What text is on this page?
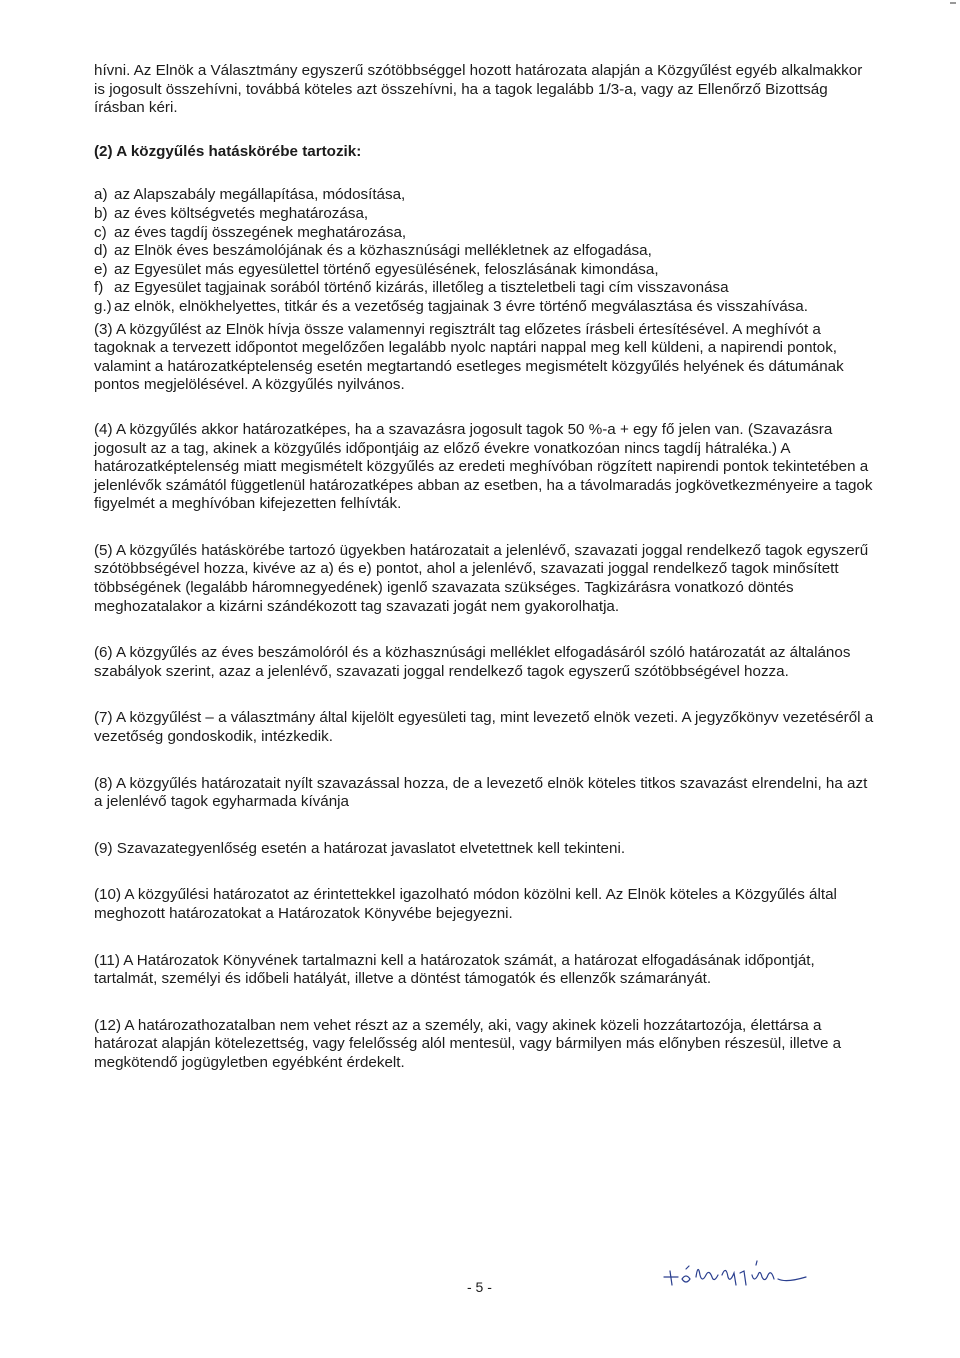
hívni. Az Elnök a Választmány egyszerű szótöbbséggel hozott határozata alapján a Közgyűlést egyéb alkalmakkor is jogosult összehívni, továbbá köteles azt összehívni, ha a tagok legalább 1/3-a, vagy az Ellenőrző Bizottság írásban kéri.

(2) A közgyűlés hatáskörébe tartozik:

a) az Alapszabály megállapítása, módosítása,
b) az éves költségvetés meghatározása,
c) az éves tagdíj összegének meghatározása,
d) az Elnök éves beszámolójának és a közhasznúsági mellékletnek az elfogadása,
e) az Egyesület más egyesülettel történő egyesülésének, feloszlásának kimondása,
f) az Egyesület tagjainak sorából történő kizárás, illetőleg a tiszteletbeli tagi cím visszavonása
g.) az elnök, elnökhelyettes, titkár és a vezetőség tagjainak 3 évre történő megválasztása és visszahívása.

(3) A közgyűlést az Elnök hívja össze valamennyi regisztrált tag előzetes írásbeli értesítésével. A meghívót a tagoknak a tervezett időpontot megelőzően legalább nyolc naptári nappal meg kell küldeni, a napirendi pontok, valamint a határozatképtelenség esetén megtartandó esetleges megismételt közgyűlés helyének és dátumának pontos megjelölésével. A közgyűlés nyilvános.

(4) A közgyűlés akkor határozatképes, ha a szavazásra jogosult tagok 50 %-a + egy fő jelen van. (Szavazásra jogosult az a tag, akinek a közgyűlés időpontjáig az előző évekre vonatkozóan nincs tagdíj hátraléka.) A határozatképtelenség miatt megismételt közgyűlés az eredeti meghívóban rögzített napirendi pontok tekintetében a jelenlévők számától függetlenül határozatképes abban az esetben, ha a távolmaradás jogkövetkezményeire a tagok figyelmét a meghívóban kifejezetten felhívták.

(5) A közgyűlés hatáskörébe tartozó ügyekben határozatait a jelenlévő, szavazati joggal rendelkező tagok egyszerű szótöbbségével hozza, kivéve az a) és e) pontot, ahol a jelenlévő, szavazati joggal rendelkező tagok minősített többségének (legalább háromnegyedének) igenlő szavazata szükséges. Tagkizárásra vonatkozó döntés meghozatalakor a kizárni szándékozott tag szavazati jogát nem gyakorolhatja.

(6) A közgyűlés az éves beszámolóról és a közhasznúsági melléklet elfogadásáról szóló határozatát az általános szabályok szerint, azaz a jelenlévő, szavazati joggal rendelkező tagok egyszerű szótöbbségével hozza.

(7) A közgyűlést – a választmány által kijelölt egyesületi tag, mint levezető elnök vezeti. A jegyzőkönyv vezetéséről a vezetőség gondoskodik, intézkedik.

(8) A közgyűlés határozatait nyílt szavazással hozza, de a levezető elnök köteles titkos szavazást elrendelni, ha azt a jelenlévő tagok egyharmada kívánja

(9) Szavazategyenlőség esetén a határozat javaslatot elvetettnek kell tekinteni.

(10) A közgyűlési határozatot az érintettekkel igazolható módon közölni kell. Az Elnök köteles a Közgyűlés által meghozott határozatokat a Határozatok Könyvébe bejegyezni.

(11) A Határozatok Könyvének tartalmazni kell a határozatok számát, a határozat elfogadásának időpontját, tartalmát, személyi és időbeli hatályát, illetve a döntést támogatók és ellenzők számarányát.

(12) A határozathozatalban nem vehet részt az a személy, aki, vagy akinek közeli hozzátartozója, élettársa a határozat alapján kötelezettség, vagy felelősség alól mentesül, vagy bármilyen más előnyben részesül, illetve a megkötendő jogügyletben egyébként érdekelt.

- 5 -
